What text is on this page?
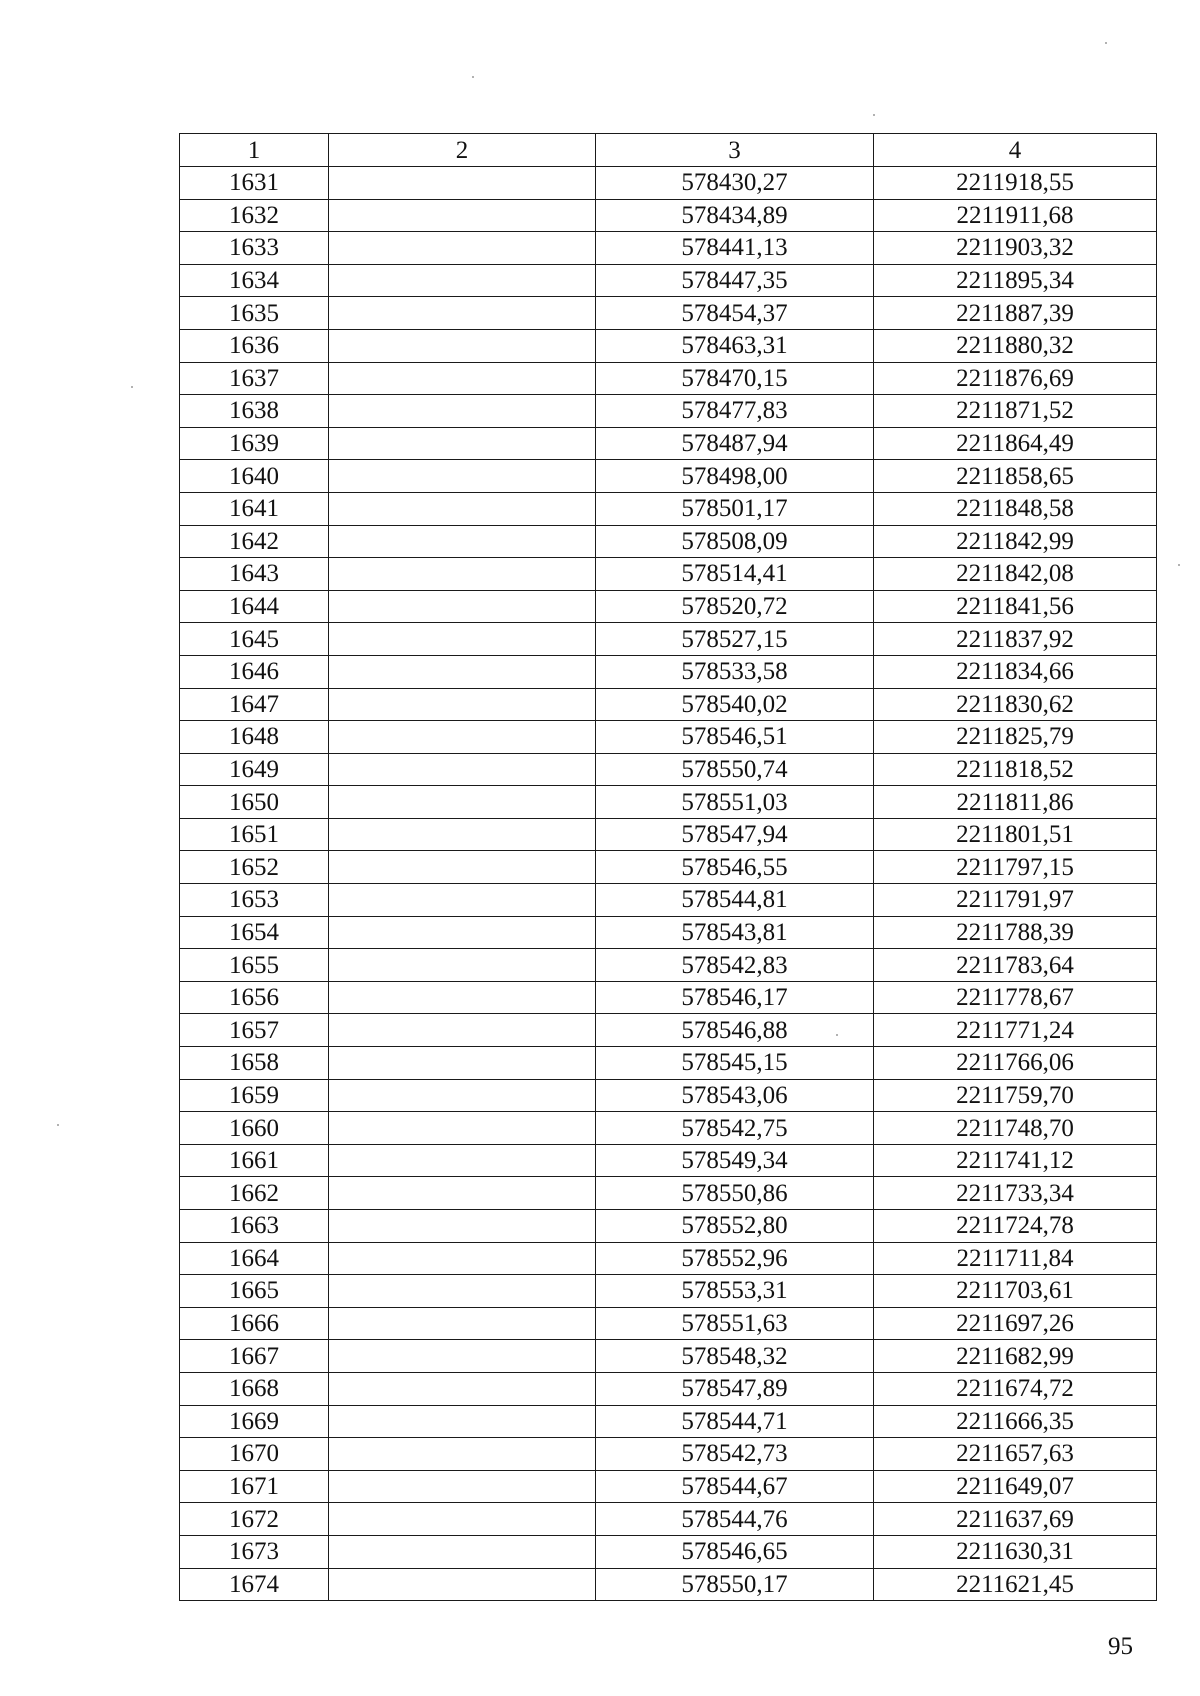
1	2	3	4
1631		578430,27	2211918,55
1632		578434,89	2211911,68
1633		578441,13	2211903,32
1634		578447,35	2211895,34
1635		578454,37	2211887,39
1636		578463,31	2211880,32
1637		578470,15	2211876,69
1638		578477,83	2211871,52
1639		578487,94	2211864,49
1640		578498,00	2211858,65
1641		578501,17	2211848,58
1642		578508,09	2211842,99
1643		578514,41	2211842,08
1644		578520,72	2211841,56
1645		578527,15	2211837,92
1646		578533,58	2211834,66
1647		578540,02	2211830,62
1648		578546,51	2211825,79
1649		578550,74	2211818,52
1650		578551,03	2211811,86
1651		578547,94	2211801,51
1652		578546,55	2211797,15
1653		578544,81	2211791,97
1654		578543,81	2211788,39
1655		578542,83	2211783,64
1656		578546,17	2211778,67
1657		578546,88	2211771,24
1658		578545,15	2211766,06
1659		578543,06	2211759,70
1660		578542,75	2211748,70
1661		578549,34	2211741,12
1662		578550,86	2211733,34
1663		578552,80	2211724,78
1664		578552,96	2211711,84
1665		578553,31	2211703,61
1666		578551,63	2211697,26
1667		578548,32	2211682,99
1668		578547,89	2211674,72
1669		578544,71	2211666,35
1670		578542,73	2211657,63
1671		578544,67	2211649,07
1672		578544,76	2211637,69
1673		578546,65	2211630,31
1674		578550,17	2211621,45
95
